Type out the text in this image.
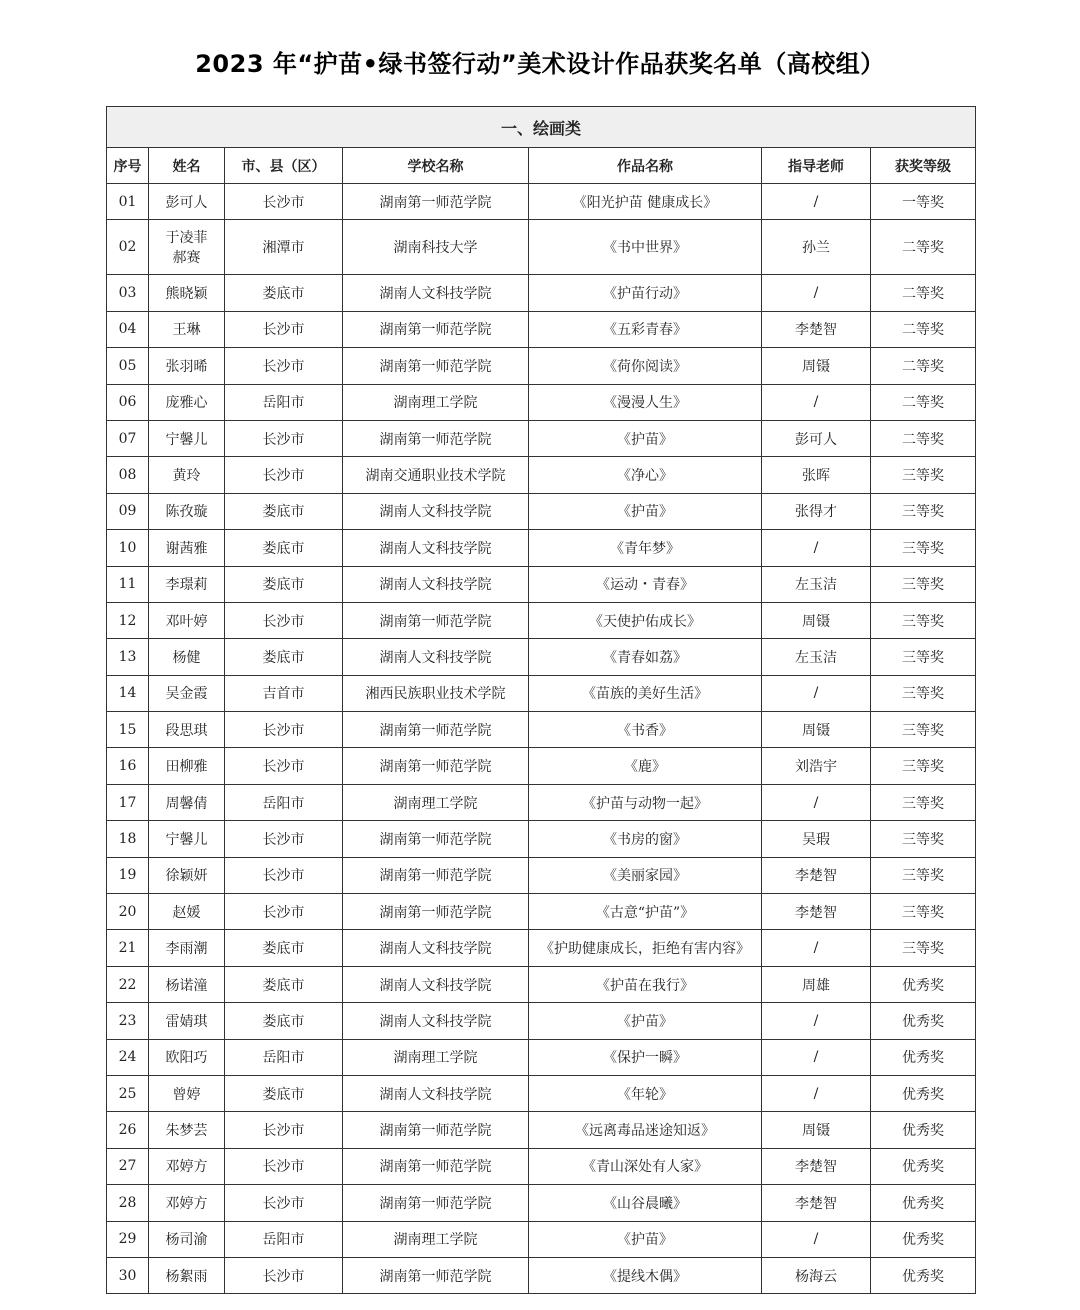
2023 年“护苗•绿书签行动”美术设计作品获奖名单（高校组）
一、绘画类						
序号	姓名	市、县（区）	学校名称	作品名称	指导老师	获奖等级
01	彭可人	长沙市	湖南第一师范学院	《阳光护苗 健康成长》	/	一等奖
02	于凌菲
郝赛	湘潭市	湖南科技大学	《书中世界》	孙兰	二等奖
03	熊晓颖	娄底市	湖南人文科技学院	《护苗行动》	/	二等奖
04	王琳	长沙市	湖南第一师范学院	《五彩青春》	李楚智	二等奖
05	张羽晞	长沙市	湖南第一师范学院	《荷你阅读》	周镊	二等奖
06	庞雅心	岳阳市	湖南理工学院	《漫漫人生》	/	二等奖
07	宁馨儿	长沙市	湖南第一师范学院	《护苗》	彭可人	二等奖
08	黄玲	长沙市	湖南交通职业技术学院	《净心》	张晖	三等奖
09	陈孜璇	娄底市	湖南人文科技学院	《护苗》	张得才	三等奖
10	谢茜雅	娄底市	湖南人文科技学院	《青年梦》	/	三等奖
11	李璟莉	娄底市	湖南人文科技学院	《运动・青春》	左玉洁	三等奖
12	邓叶婷	长沙市	湖南第一师范学院	《天使护佑成长》	周镊	三等奖
13	杨健	娄底市	湖南人文科技学院	《青春如荔》	左玉洁	三等奖
14	吴金霞	吉首市	湘西民族职业技术学院	《苗族的美好生活》	/	三等奖
15	段思琪	长沙市	湖南第一师范学院	《书香》	周镊	三等奖
16	田柳雅	长沙市	湖南第一师范学院	《鹿》	刘浩宇	三等奖
17	周馨倩	岳阳市	湖南理工学院	《护苗与动物一起》	/	三等奖
18	宁馨儿	长沙市	湖南第一师范学院	《书房的窗》	吴瑕	三等奖
19	徐颖妍	长沙市	湖南第一师范学院	《美丽家园》	李楚智	三等奖
20	赵媛	长沙市	湖南第一师范学院	《古意“护苗”》	李楚智	三等奖
21	李雨潮	娄底市	湖南人文科技学院	《护助健康成长，拒绝有害内容》	/	三等奖
22	杨诺潼	娄底市	湖南人文科技学院	《护苗在我行》	周雄	优秀奖
23	雷婧琪	娄底市	湖南人文科技学院	《护苗》	/	优秀奖
24	欧阳巧	岳阳市	湖南理工学院	《保护一瞬》	/	优秀奖
25	曾婷	娄底市	湖南人文科技学院	《年轮》	/	优秀奖
26	朱梦芸	长沙市	湖南第一师范学院	《远离毒品迷途知返》	周镊	优秀奖
27	邓婷方	长沙市	湖南第一师范学院	《青山深处有人家》	李楚智	优秀奖
28	邓婷方	长沙市	湖南第一师范学院	《山谷晨曦》	李楚智	优秀奖
29	杨司渝	岳阳市	湖南理工学院	《护苗》	/	优秀奖
30	杨絮雨	长沙市	湖南第一师范学院	《提线木偶》	杨海云	优秀奖
